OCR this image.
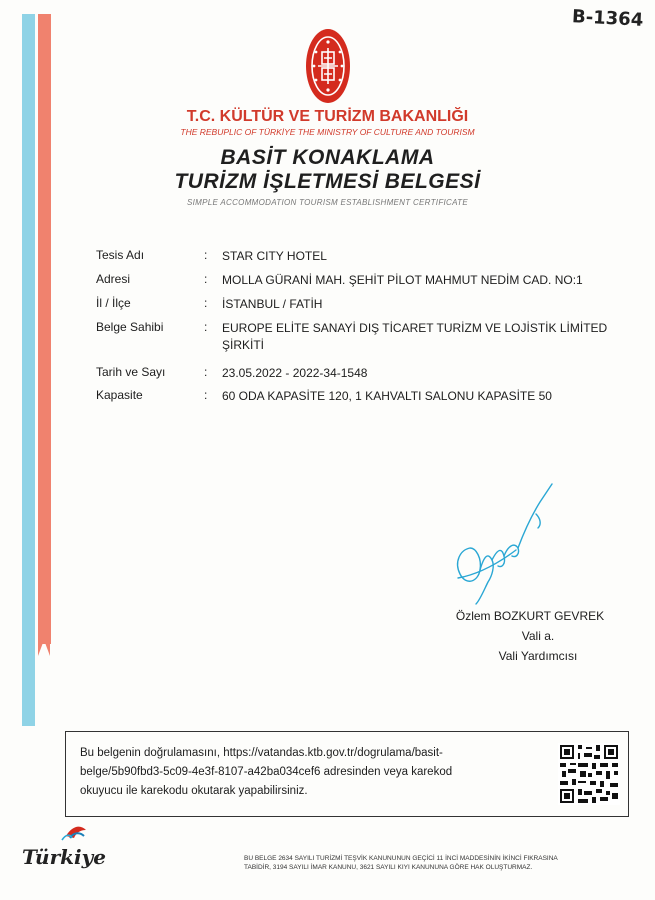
B-1364
T.C. KÜLTÜR VE TURİZM BAKANLIĞI
THE REBUPLIC OF TÜRKİYE THE MINISTRY OF CULTURE AND TOURISM
BASİT KONAKLAMA
TURİZM İŞLETMESİ BELGESİ
SIMPLE ACCOMMODATION TOURISM ESTABLISHMENT CERTIFICATE
Tesis Adı	: STAR CITY HOTEL
Adresi	: MOLLA GÜRANİ MAH. ŞEHİT PİLOT MAHMUT NEDİM CAD. NO:1
İl / İlçe	: İSTANBUL / FATİH
Belge Sahibi	: EUROPE ELİTE SANAYİ DIŞ TİCARET TURİZM VE LOJİSTİK LİMİTED ŞİRKİTİ
Tarih ve Sayı	: 23.05.2022 - 2022-34-1548
Kapasite	: 60 ODA KAPASİTE 120, 1 KAHVALTI SALONU KAPASİTE 50
Özlem BOZKURT GEVREK
Vali a.
Vali Yardımcısı
Bu belgenin doğrulamasını, https://vatandas.ktb.gov.tr/dogrulama/basit-
belge/5b90fbd3-5c09-4e3f-8107-a42ba034cef6 adresinden veya karekod
okuyucu ile karekodu okutarak yapabilirsiniz.
Türkiye	BU BELGE 2634 SAYILI TURİZMİ TEŞVİK KANUNUNUN GEÇİCİ 11 İNCİ MADDESİNİN İKİNCİ FIKRASINA
TABİDİR, 3194 SAYILI İMAR KANUNU, 3621 SAYILI KIYI KANUNUNA GÖRE HAK OLUŞTURMAZ.
